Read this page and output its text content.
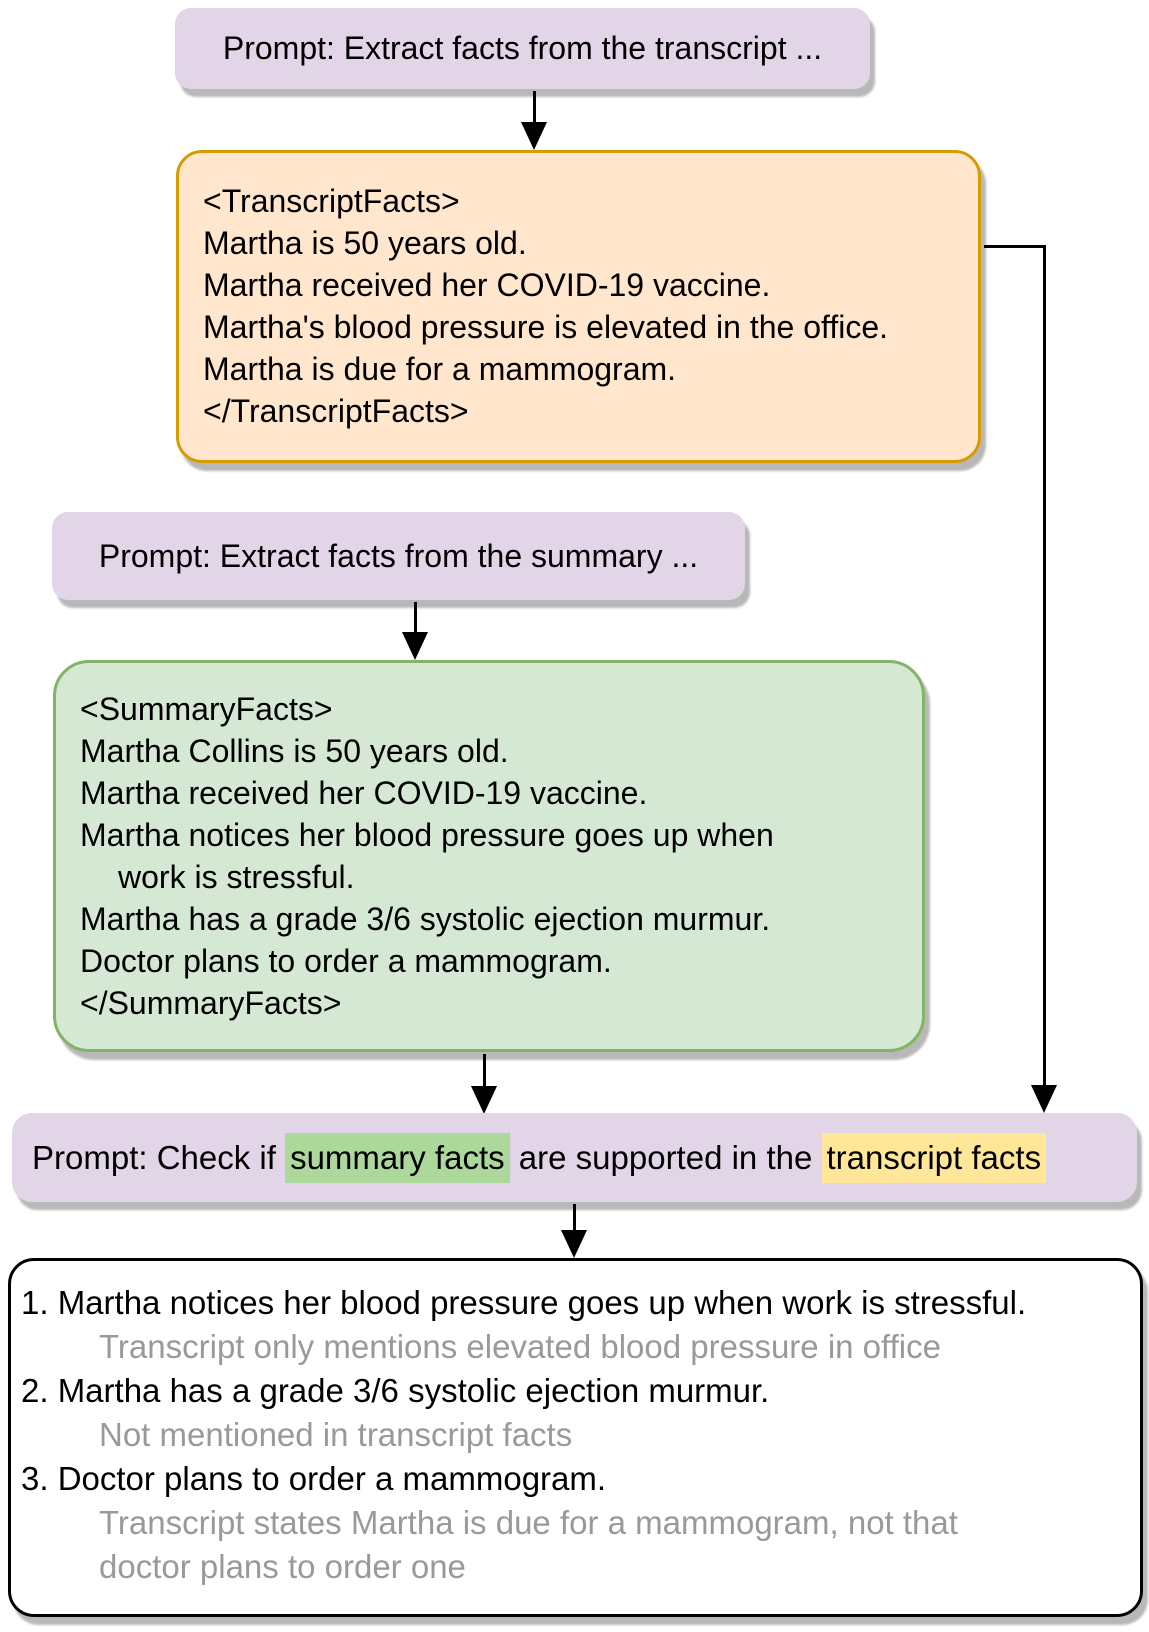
Prompt: Extract facts from the transcript ...
<TranscriptFacts>
Martha is 50 years old.
Martha received her COVID-19 vaccine.
Martha's blood pressure is elevated in the office.
Martha is due for a mammogram.
</TranscriptFacts>
Prompt: Extract facts from the summary ...
<SummaryFacts>
Martha Collins is 50 years old.
Martha received her COVID-19 vaccine.
Martha notices her blood pressure goes up when
work is stressful.
Martha has a grade 3/6 systolic ejection murmur.
Doctor plans to order a mammogram.
</SummaryFacts>
Prompt: Check if summary facts are supported in the transcript facts
1. Martha notices her blood pressure goes up when work is stressful.
Transcript only mentions elevated blood pressure in office
2. Martha has a grade 3/6 systolic ejection murmur.
Not mentioned in transcript facts
3. Doctor plans to order a mammogram.
Transcript states Martha is due for a mammogram, not that doctor plans to order one
